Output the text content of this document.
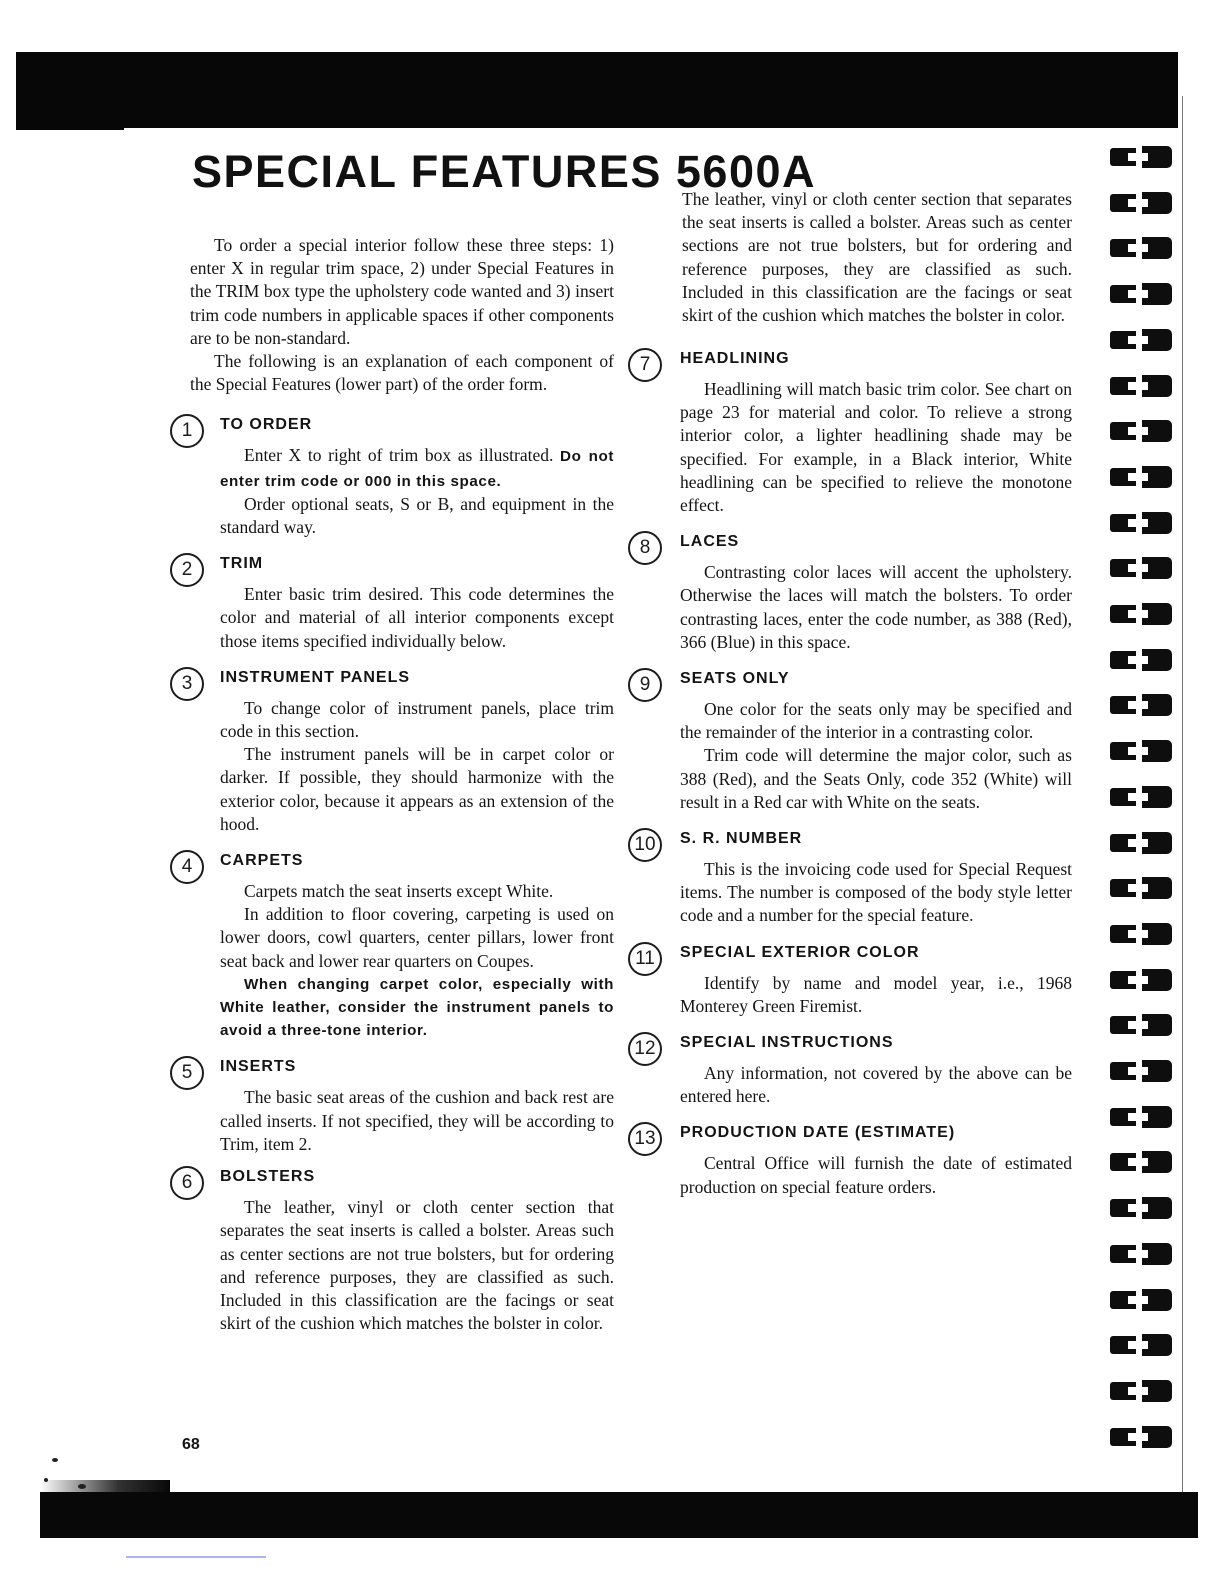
SPECIAL FEATURES 5600A

To order a special interior follow these three steps: 1) enter X in regular trim space, 2) under Special Features in the TRIM box type the upholstery code wanted and 3) insert trim code numbers in applicable spaces if other components are to be non-standard.

The following is an explanation of each component of the Special Features (lower part) of the order form.

1	TO ORDER

Enter X to right of trim box as illustrated. Do not enter trim code or 000 in this space.

Order optional seats, S or B, and equipment in the standard way.

2	TRIM

Enter basic trim desired. This code determines the color and material of all interior components except those items specified individually below.

3	INSTRUMENT PANELS

To change color of instrument panels, place trim code in this section.

The instrument panels will be in carpet color or darker. If possible, they should harmonize with the exterior color, because it appears as an extension of the hood.

4	CARPETS

Carpets match the seat inserts except White.

In addition to floor covering, carpeting is used on lower doors, cowl quarters, center pillars, lower front seat back and lower rear quarters on Coupes.

When changing carpet color, especially with White leather, consider the instrument panels to avoid a three-tone interior.

5	INSERTS

The basic seat areas of the cushion and back rest are called inserts. If not specified, they will be according to Trim, item 2.

6	BOLSTERS

The leather, vinyl or cloth center section that separates the seat inserts is called a bolster. Areas such as center sections are not true bolsters, but for ordering and reference purposes, they are classified as such. Included in this classification are the facings or seat skirt of the cushion which matches the bolster in color.

The leather, vinyl or cloth center section that separates the seat inserts is called a bolster. Areas such as center sections are not true bolsters, but for ordering and reference purposes, they are classified as such. Included in this classification are the facings or seat skirt of the cushion which matches the bolster in color.

7	HEADLINING

Headlining will match basic trim color. See chart on page 23 for material and color. To relieve a strong interior color, a lighter headlining shade may be specified. For example, in a Black interior, White headlining can be specified to relieve the monotone effect.

8	LACES

Contrasting color laces will accent the upholstery. Otherwise the laces will match the bolsters. To order contrasting laces, enter the code number, as 388 (Red), 366 (Blue) in this space.

9	SEATS ONLY

One color for the seats only may be specified and the remainder of the interior in a contrasting color.

Trim code will determine the major color, such as 388 (Red), and the Seats Only, code 352 (White) will result in a Red car with White on the seats.

10	S. R. NUMBER

This is the invoicing code used for Special Request items. The number is composed of the body style letter code and a number for the special feature.

11	SPECIAL EXTERIOR COLOR

Identify by name and model year, i.e., 1968 Monterey Green Firemist.

12	SPECIAL INSTRUCTIONS

Any information, not covered by the above can be entered here.

13	PRODUCTION DATE (ESTIMATE)

Central Office will furnish the date of estimated production on special feature orders.

68
